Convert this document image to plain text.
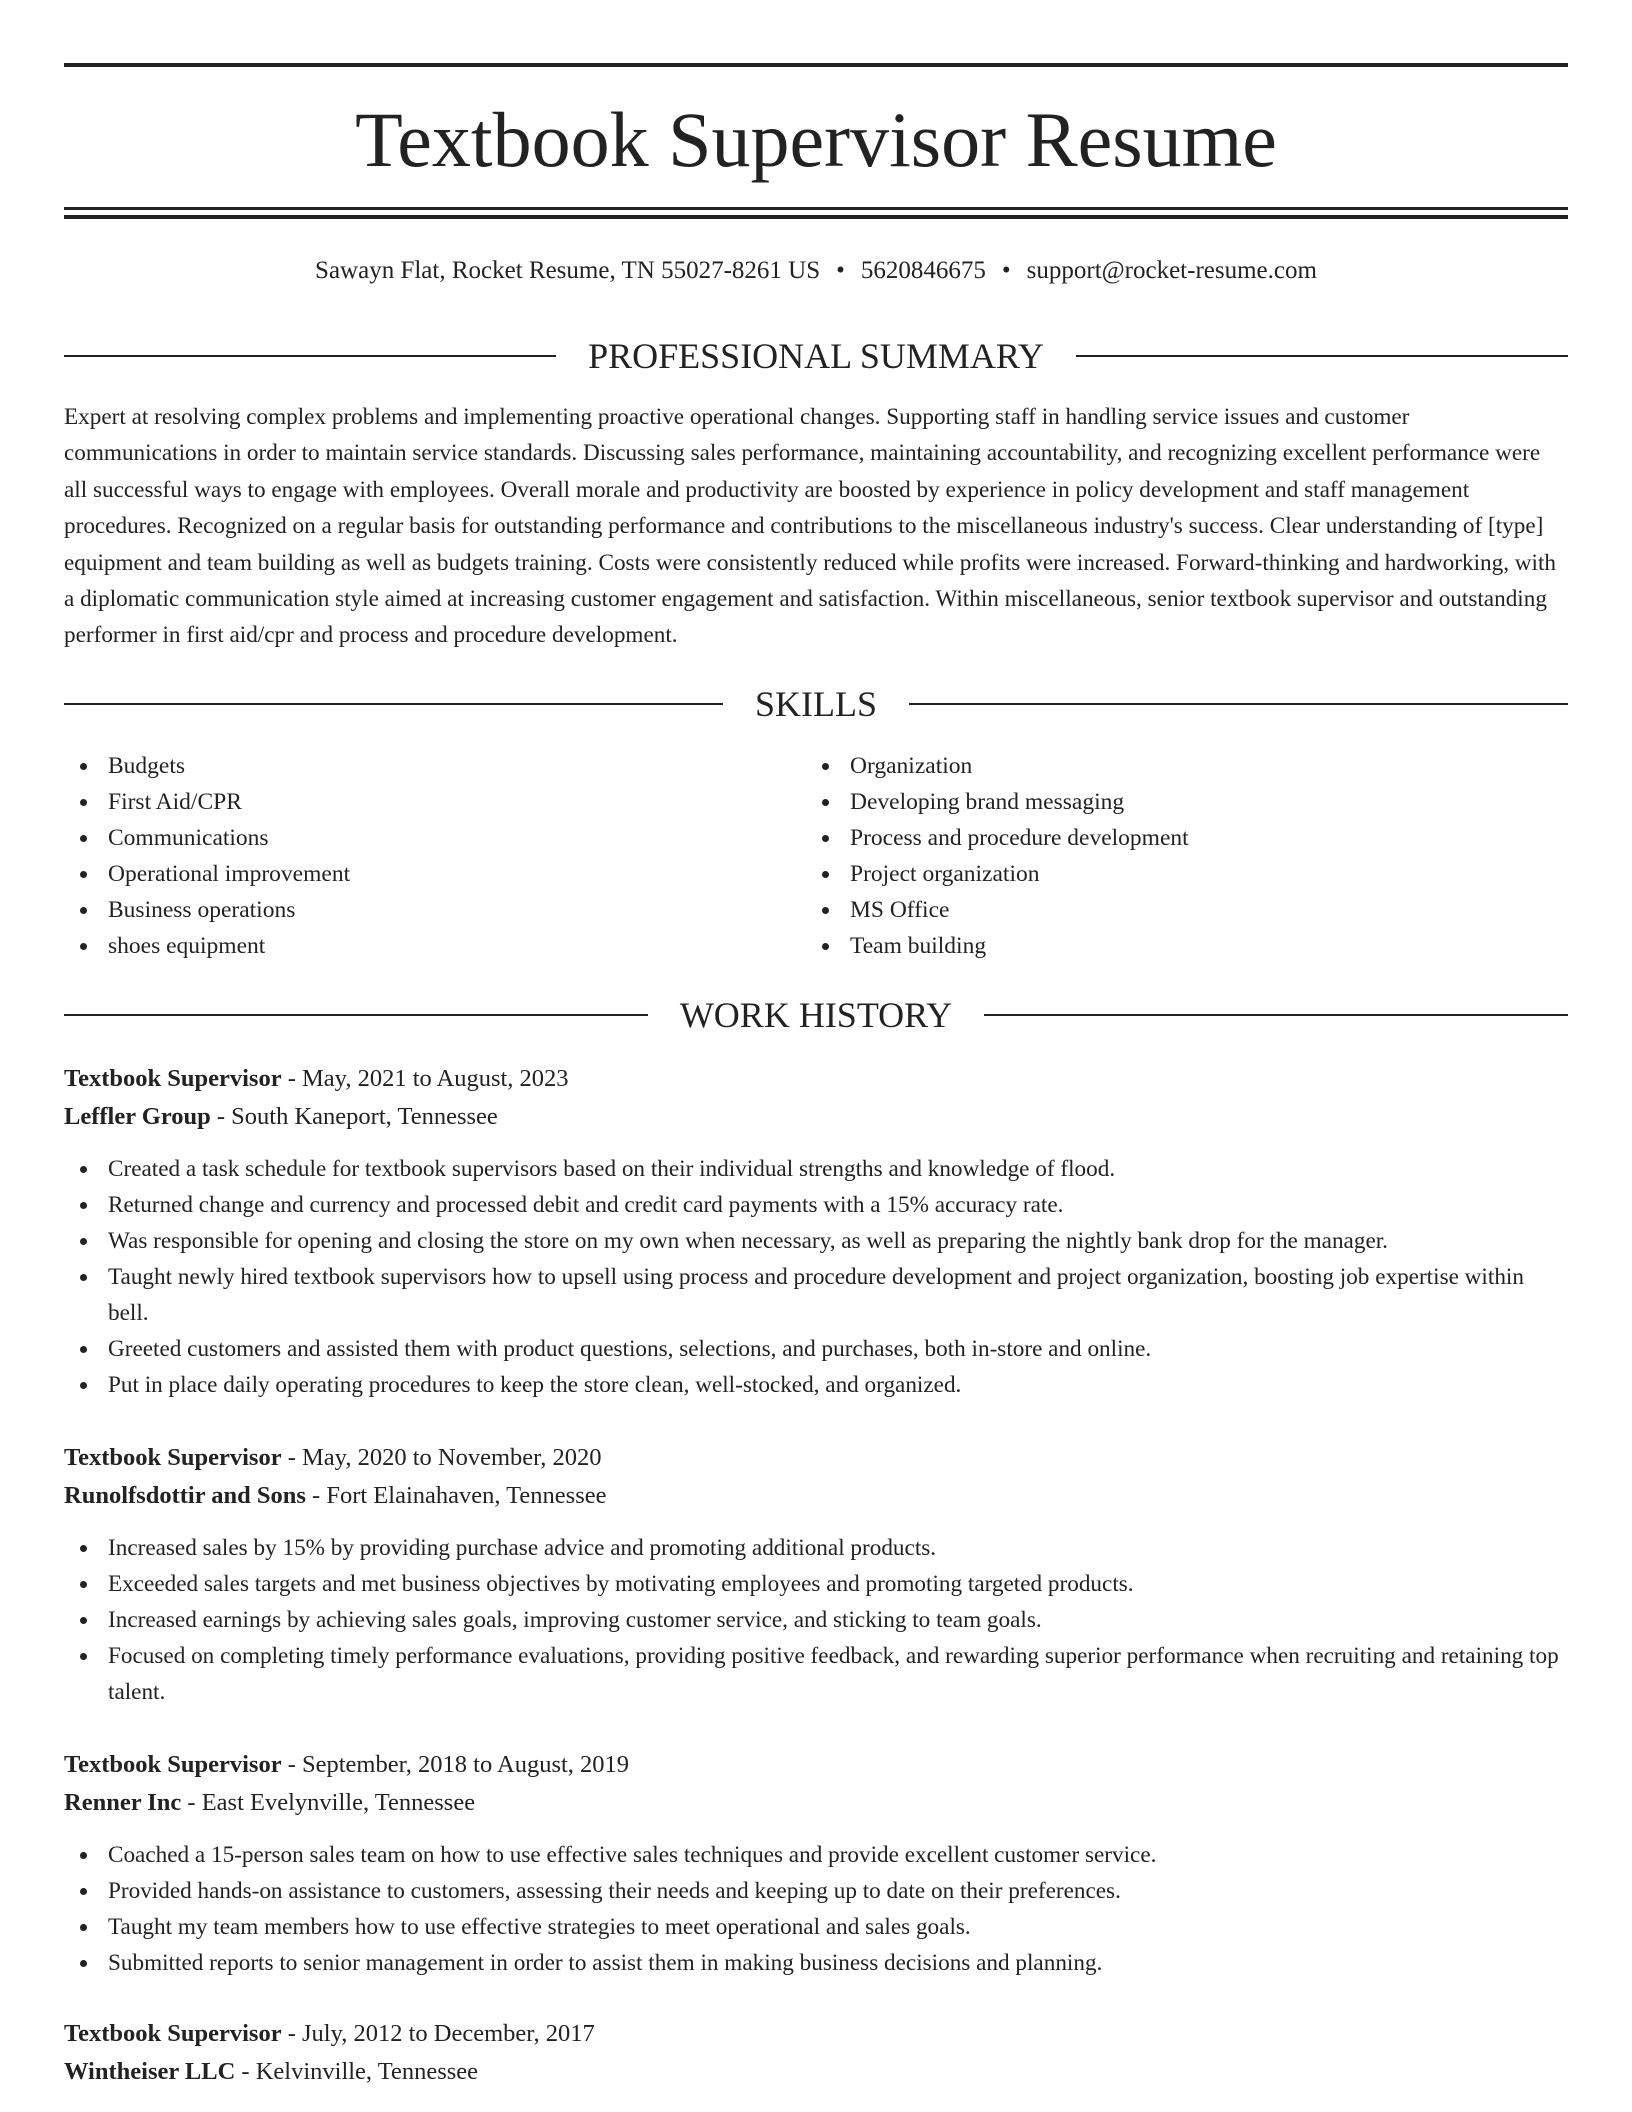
Textbook Supervisor Resume
Sawayn Flat, Rocket Resume, TN 55027-8261 US • 5620846675 • support@rocket-resume.com
PROFESSIONAL SUMMARY

Expert at resolving complex problems and implementing proactive operational changes. Supporting staff in handling service issues and customer communications in order to maintain service standards. Discussing sales performance, maintaining accountability, and recognizing excellent performance were all successful ways to engage with employees. Overall morale and productivity are boosted by experience in policy development and staff management procedures. Recognized on a regular basis for outstanding performance and contributions to the miscellaneous industry's success. Clear understanding of [type] equipment and team building as well as budgets training. Costs were consistently reduced while profits were increased. Forward-thinking and hardworking, with a diplomatic communication style aimed at increasing customer engagement and satisfaction. Within miscellaneous, senior textbook supervisor and outstanding performer in first aid/cpr and process and procedure development.

SKILLS
Budgets
First Aid/CPR
Communications
Operational improvement
Business operations
shoes equipment
Organization
Developing brand messaging
Process and procedure development
Project organization
MS Office
Team building
WORK HISTORY
Textbook Supervisor - May, 2021 to August, 2023
Leffler Group - South Kaneport, Tennessee
Created a task schedule for textbook supervisors based on their individual strengths and knowledge of flood.
Returned change and currency and processed debit and credit card payments with a 15% accuracy rate.
Was responsible for opening and closing the store on my own when necessary, as well as preparing the nightly bank drop for the manager.
Taught newly hired textbook supervisors how to upsell using process and procedure development and project organization, boosting job expertise within bell.
Greeted customers and assisted them with product questions, selections, and purchases, both in-store and online.
Put in place daily operating procedures to keep the store clean, well-stocked, and organized.
Textbook Supervisor - May, 2020 to November, 2020
Runolfsdottir and Sons - Fort Elainahaven, Tennessee
Increased sales by 15% by providing purchase advice and promoting additional products.
Exceeded sales targets and met business objectives by motivating employees and promoting targeted products.
Increased earnings by achieving sales goals, improving customer service, and sticking to team goals.
Focused on completing timely performance evaluations, providing positive feedback, and rewarding superior performance when recruiting and retaining top talent.
Textbook Supervisor - September, 2018 to August, 2019
Renner Inc - East Evelynville, Tennessee
Coached a 15-person sales team on how to use effective sales techniques and provide excellent customer service.
Provided hands-on assistance to customers, assessing their needs and keeping up to date on their preferences.
Taught my team members how to use effective strategies to meet operational and sales goals.
Submitted reports to senior management in order to assist them in making business decisions and planning.
Textbook Supervisor - July, 2012 to December, 2017
Wintheiser LLC - Kelvinville, Tennessee
